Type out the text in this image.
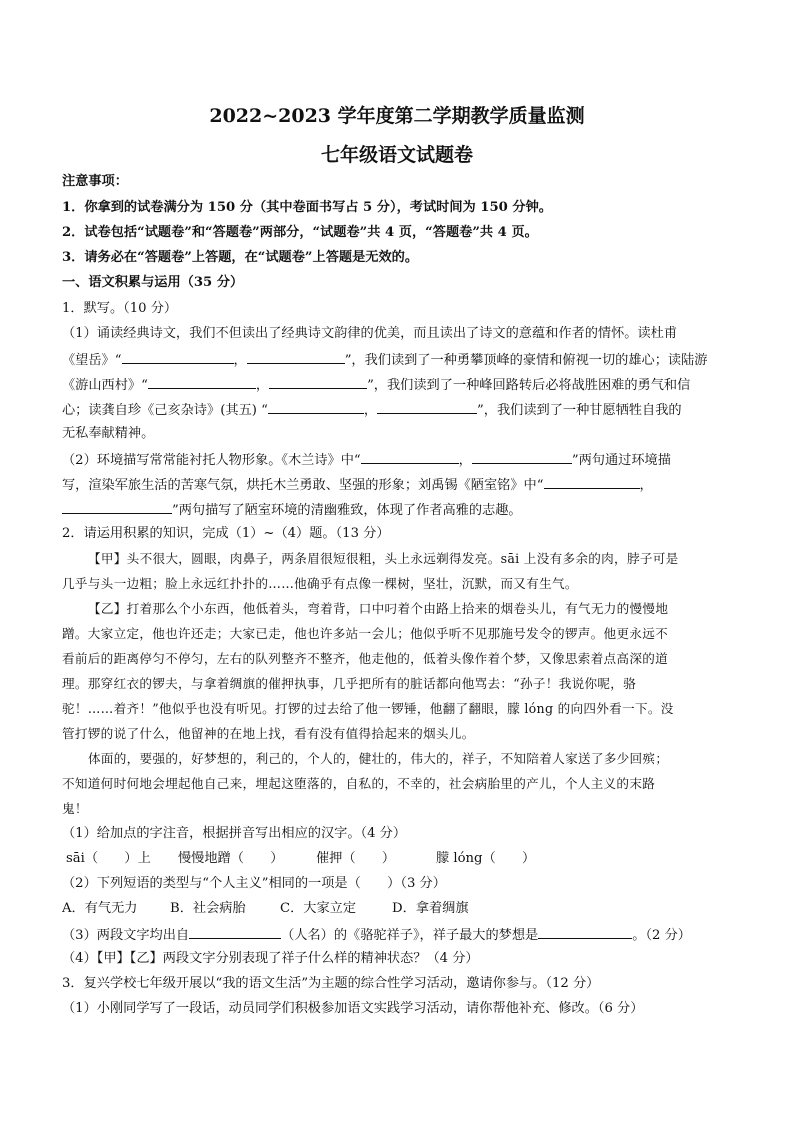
2022~2023 学年度第二学期教学质量监测
七年级语文试题卷
注意事项：
1．你拿到的试卷满分为 150 分（其中卷面书写占 5 分），考试时间为 150 分钟。
2．试卷包括“试题卷”和“答题卷”两部分，“试题卷”共 4 页，“答题卷”共 4 页。
3．请务必在“答题卷”上答题，在“试题卷”上答题是无效的。
一、语文积累与运用（35 分）
1．默写。（10 分）
（1）诵读经典诗文，我们不但读出了经典诗文韵律的优美，而且读出了诗文的意蕴和作者的情怀。读杜甫
《望岳》“	，	”，我们读到了一种勇攀顶峰的豪情和俯视一切的雄心；读陆游
《游山西村》“	，	”，我们读到了一种峰回路转后必将战胜困难的勇气和信
心；读龚自珍《己亥杂诗》(其五) “	，	”，我们读到了一种甘愿牺牲自我的
无私奉献精神。
（2）环境描写常常能衬托人物形象。《木兰诗》中“	，	”两句通过环境描
写，渲染军旅生活的苦寒气氛，烘托木兰勇敢、坚强的形象；刘禹锡《陋室铭》中“	，
”两句描写了陋室环境的清幽雅致，体现了作者高雅的志趣。
2．请运用积累的知识，完成（1）~（4）题。（13 分）
【甲】头不很大，圆眼，肉鼻子，两条眉很短很粗，头上永远剃得发亮。sāi 上没有多余的肉，脖子可是
几乎与头一边粗；脸上永远红扑扑的……他确乎有点像一棵树，坚壮，沉默，而又有生气。
【乙】打着那么个小东西，他低着头，弯着背，口中叼着个由路上拾来的烟卷头儿，有气无力的慢慢地
蹭。大家立定，他也许还走；大家已走，他也许多站一会儿；他似乎听不见那施号发令的锣声。他更永远不
看前后的距离停匀不停匀，左右的队列整齐不整齐，他走他的，低着头像作着个梦，又像思索着点高深的道
理。那穿红衣的锣夫，与拿着绸旗的催押执事，几乎把所有的脏话都向他骂去：“孙子！我说你呢，骆
驼！……着齐！”他似乎也没有听见。打锣的过去给了他一锣锤，他翻了翻眼，朦 lóng 的向四外看一下。没
管打锣的说了什么，他留神的在地上找，看有没有值得拾起来的烟头儿。
体面的，要强的，好梦想的，利己的，个人的，健壮的，伟大的，祥子，不知陪着人家送了多少回殡；
不知道何时何地会埋起他自己来，埋起这堕落的，自私的，不幸的，社会病胎里的产儿，个人主义的末路
鬼！
（1）给加点的字注音，根据拼音写出相应的汉字。（4 分）
sāi（　　）上 慢慢地蹭（　　） 催押（　　）	朦 lóng（　　）
（2）下列短语的类型与“个人主义”相同的一项是（　　）（3 分）
A．有气无力 B．社会病胎	C．大家立定	D．拿着绸旗
（3）两段文字均出自	（人名）的《骆驼祥子》，祥子最大的梦想是	。（2 分）
（4）【甲】【乙】两段文字分别表现了祥子什么样的精神状态？（4 分）
3．复兴学校七年级开展以“我的语文生活”为主题的综合性学习活动，邀请你参与。（12 分）
（1）小刚同学写了一段话，动员同学们积极参加语文实践学习活动，请你帮他补充、修改。（6 分）
